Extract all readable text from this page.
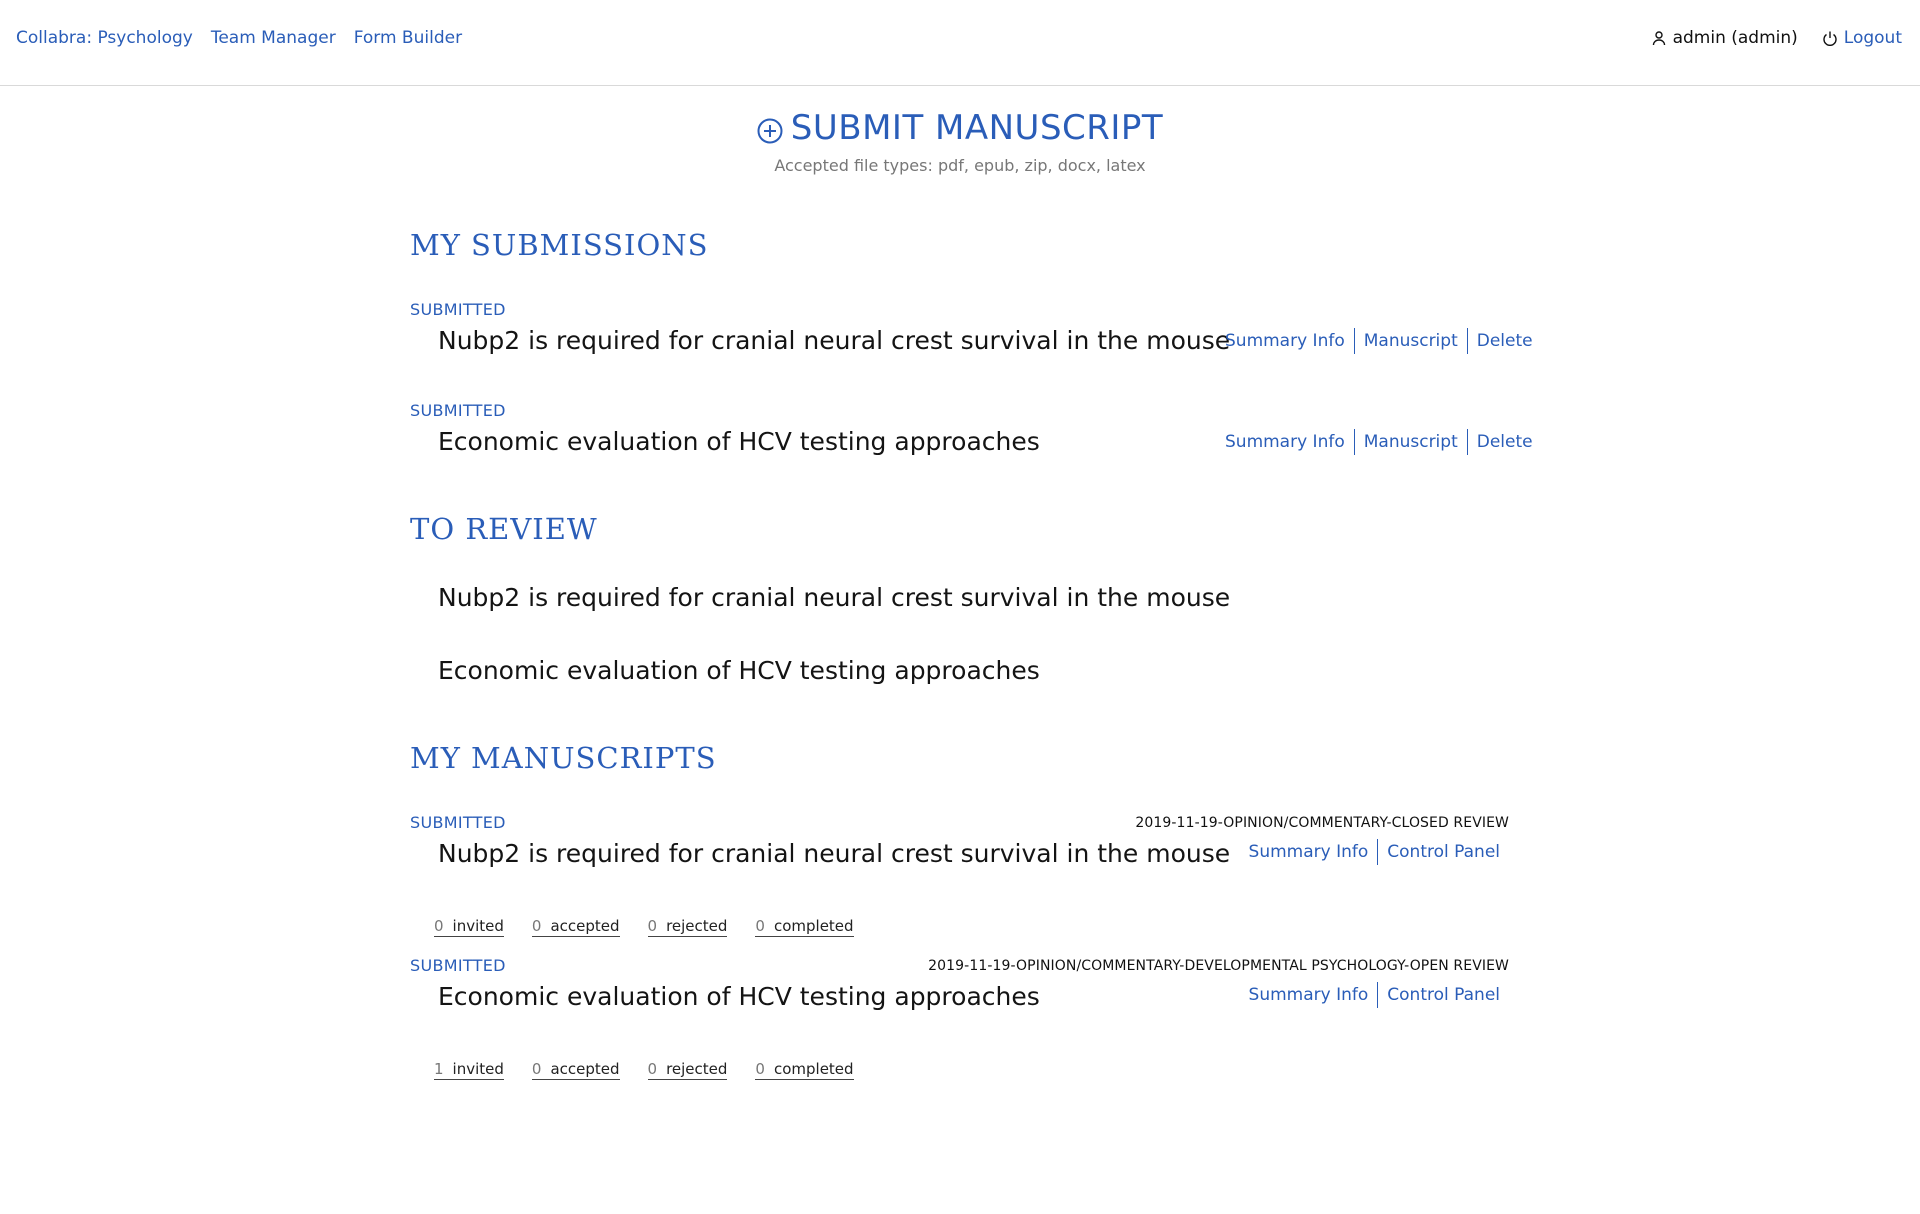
Collabra: Psychology Team Manager Form Builder	admin (admin)	Logout
SUBMIT MANUSCRIPT
Accepted file types: pdf, epub, zip, docx, latex
MY SUBMISSIONS
SUBMITTED
Nubp2 is required for cranial neural crest survival in the mouse
Summary Info Manuscript Delete
SUBMITTED
Economic evaluation of HCV testing approaches	Summary Info Manuscript Delete
TO REVIEW
Nubp2 is required for cranial neural crest survival in the mouse
Economic evaluation of HCV testing approaches
MY MANUSCRIPTS
SUBMITTED	2019-11-19-OPINION/COMMENTARY-CLOSED REVIEW
Nubp2 is required for cranial neural crest survival in the mouse Summary Info Control Panel
0 invited 0 accepted 0 rejected 0 completed
SUBMITTED	2019-11-19-OPINION/COMMENTARY-DEVELOPMENTAL PSYCHOLOGY-OPEN REVIEW
Economic evaluation of HCV testing approaches	Summary Info Control Panel
1 invited 0 accepted 0 rejected 0 completed
